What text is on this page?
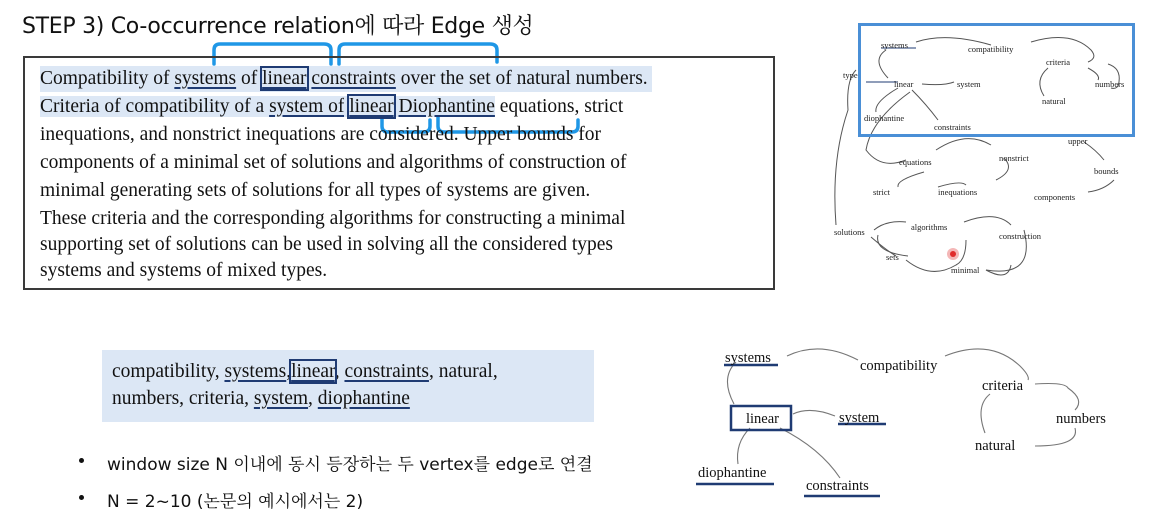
STEP 3) Co-occurrence relation에 따라 Edge 생성
Compatibility of systems of linear constraints over the set of natural numbers.
Criteria of compatibility of a system of linear Diophantine equations, strict
inequations, and nonstrict inequations are considered. Upper bounds for
components of a minimal set of solutions and algorithms of construction of
minimal generating sets of solutions for all types of systems are given.
These criteria and the corresponding algorithms for constructing a minimal
supporting set of solutions can be used in solving all the considered types
systems and systems of mixed types.
systems	compatibility
criteria
types
linear	system	numbers
natural
diophantine
constraints
upper
equations	nonstrict
bounds
strict	inequations	components
algorithms
solutions	construction
sets
minimal
compatibility, systems,linear, constraints, natural,
numbers, criteria, system, diophantine
window size N 이내에 동시 등장하는 두 vertex를 edge로 연결
N = 2~10 (논문의 예시에서는 2)
systems	compatibility
criteria
linear	system	numbers
natural
diophantine
constraints
